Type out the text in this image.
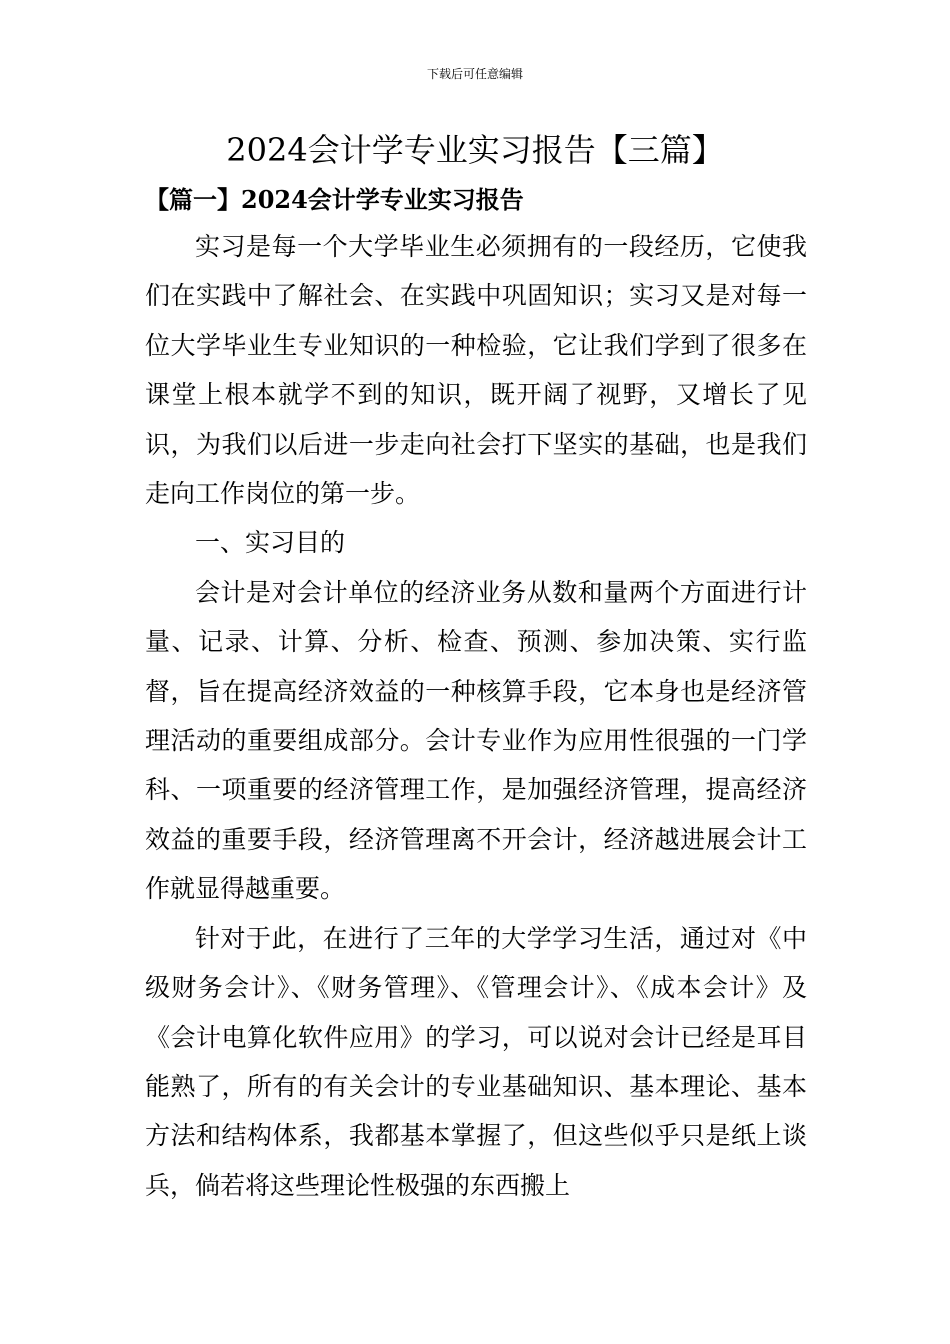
下载后可任意编辑
2024会计学专业实习报告【三篇】
【篇一】2024会计学专业实习报告

实习是每一个大学毕业生必须拥有的一段经历，它使我们在实践中了解社会、在实践中巩固知识；实习又是对每一位大学毕业生专业知识的一种检验，它让我们学到了很多在课堂上根本就学不到的知识，既开阔了视野，又增长了见识，为我们以后进一步走向社会打下坚实的基础，也是我们走向工作岗位的第一步。

一、实习目的

会计是对会计单位的经济业务从数和量两个方面进行计量、记录、计算、分析、检查、预测、参加决策、实行监督，旨在提高经济效益的一种核算手段，它本身也是经济管理活动的重要组成部分。会计专业作为应用性很强的一门学科、一项重要的经济管理工作，是加强经济管理，提高经济效益的重要手段，经济管理离不开会计，经济越进展会计工作就显得越重要。

针对于此，在进行了三年的大学学习生活，通过对《中级财务会计》、《财务管理》、《管理会计》、《成本会计》及《会计电算化软件应用》的学习，可以说对会计已经是耳目能熟了，所有的有关会计的专业基础知识、基本理论、基本方法和结构体系，我都基本掌握了，但这些似乎只是纸上谈兵，倘若将这些理论性极强的东西搬上
